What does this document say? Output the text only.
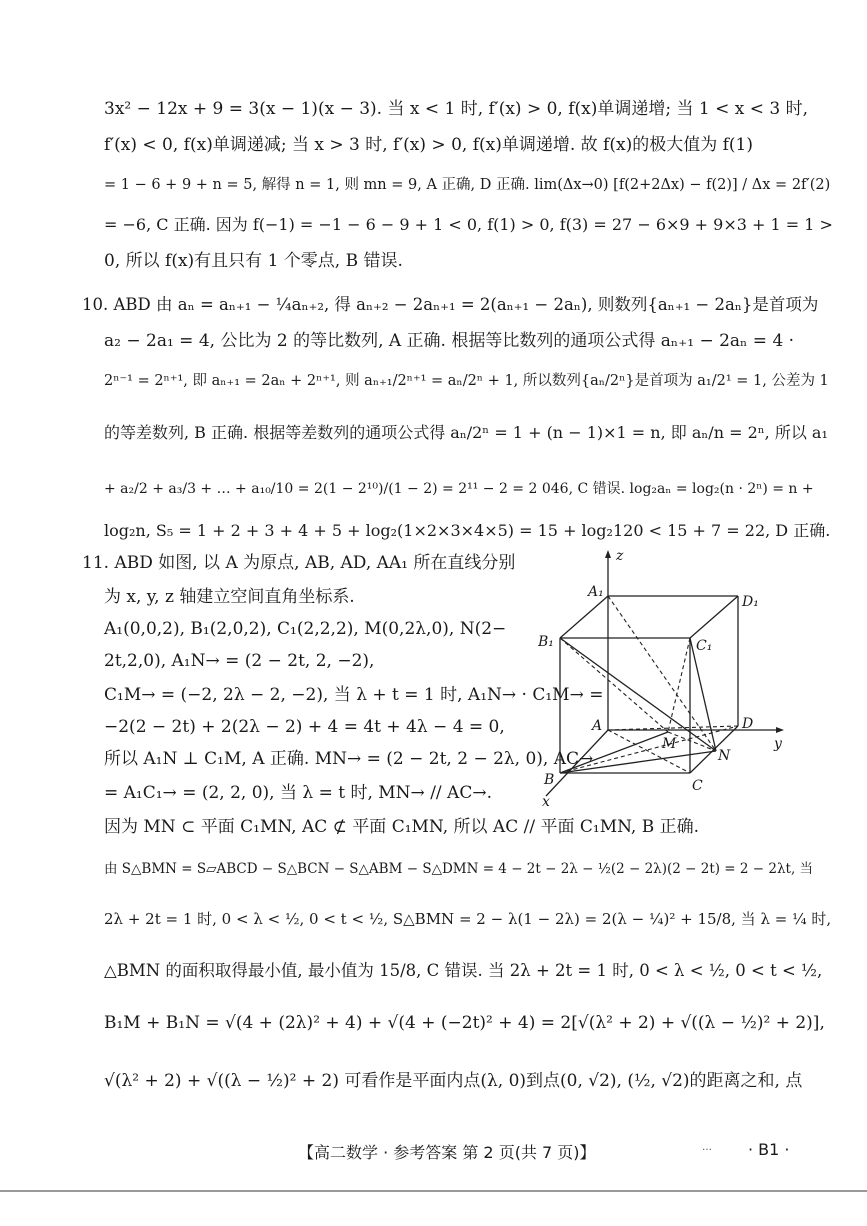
3x² − 12x + 9 = 3(x − 1)(x − 3). 当 x < 1 时, f′(x) > 0, f(x)单调递增; 当 1 < x < 3 时,
f′(x) < 0, f(x)单调递减; 当 x > 3 时, f′(x) > 0, f(x)单调递增. 故 f(x)的极大值为 f(1)
= 1 − 6 + 9 + n = 5, 解得 n = 1, 则 mn = 9, A 正确, D 正确. lim(Δx→0) [f(2+2Δx) − f(2)] / Δx = 2f′(2)
= −6, C 正确. 因为 f(−1) = −1 − 6 − 9 + 1 < 0, f(1) > 0, f(3) = 27 − 6×9 + 9×3 + 1 = 1 >
0, 所以 f(x)有且只有 1 个零点, B 错误.
10. ABD 由 aₙ = aₙ₊₁ − ¼aₙ₊₂, 得 aₙ₊₂ − 2aₙ₊₁ = 2(aₙ₊₁ − 2aₙ), 则数列{aₙ₊₁ − 2aₙ}是首项为
a₂ − 2a₁ = 4, 公比为 2 的等比数列, A 正确. 根据等比数列的通项公式得 aₙ₊₁ − 2aₙ = 4 ·
2ⁿ⁻¹ = 2ⁿ⁺¹, 即 aₙ₊₁ = 2aₙ + 2ⁿ⁺¹, 则 aₙ₊₁/2ⁿ⁺¹ = aₙ/2ⁿ + 1, 所以数列{aₙ/2ⁿ}是首项为 a₁/2¹ = 1, 公差为 1
的等差数列, B 正确. 根据等差数列的通项公式得 aₙ/2ⁿ = 1 + (n − 1)×1 = n, 即 aₙ/n = 2ⁿ, 所以 a₁
+ a₂/2 + a₃/3 + … + a₁₀/10 = 2(1 − 2¹⁰)/(1 − 2) = 2¹¹ − 2 = 2 046, C 错误. log₂aₙ = log₂(n · 2ⁿ) = n +
log₂n, S₅ = 1 + 2 + 3 + 4 + 5 + log₂(1×2×3×4×5) = 15 + log₂120 < 15 + 7 = 22, D 正确.
11. ABD 如图, 以 A 为原点, AB, AD, AA₁ 所在直线分别
为 x, y, z 轴建立空间直角坐标系.
A₁(0,0,2), B₁(2,0,2), C₁(2,2,2), M(0,2λ,0), N(2−
2t,2,0), A₁N→ = (2 − 2t, 2, −2),
C₁M→ = (−2, 2λ − 2, −2), 当 λ + t = 1 时, A₁N→ · C₁M→ =
−2(2 − 2t) + 2(2λ − 2) + 4 = 4t + 4λ − 4 = 0,
所以 A₁N ⊥ C₁M, A 正确. MN→ = (2 − 2t, 2 − 2λ, 0), AC→
= A₁C₁→ = (2, 2, 0), 当 λ = t 时, MN→ // AC→.
因为 MN ⊂ 平面 C₁MN, AC ⊄ 平面 C₁MN, 所以 AC // 平面 C₁MN, B 正确.
由 S△BMN = S▱ABCD − S△BCN − S△ABM − S△DMN = 4 − 2t − 2λ − ½(2 − 2λ)(2 − 2t) = 2 − 2λt, 当
2λ + 2t = 1 时, 0 < λ < ½, 0 < t < ½, S△BMN = 2 − λ(1 − 2λ) = 2(λ − ¼)² + 15/8, 当 λ = ¼ 时,
△BMN 的面积取得最小值, 最小值为 15/8, C 错误. 当 2λ + 2t = 1 时, 0 < λ < ½, 0 < t < ½,
B₁M + B₁N = √(4 + (2λ)² + 4) + √(4 + (−2t)² + 4) = 2[√(λ² + 2) + √((λ − ½)² + 2)],
√(λ² + 2) + √((λ − ½)² + 2) 可看作是平面内点(λ, 0)到点(0, √2), (½, √2)的距离之和, 点
z
y
x
A₁
D₁
B₁	C₁
A	D
M
N
B	C
【高二数学 · 参考答案 第 2 页(共 7 页)】	… · B1 ·
